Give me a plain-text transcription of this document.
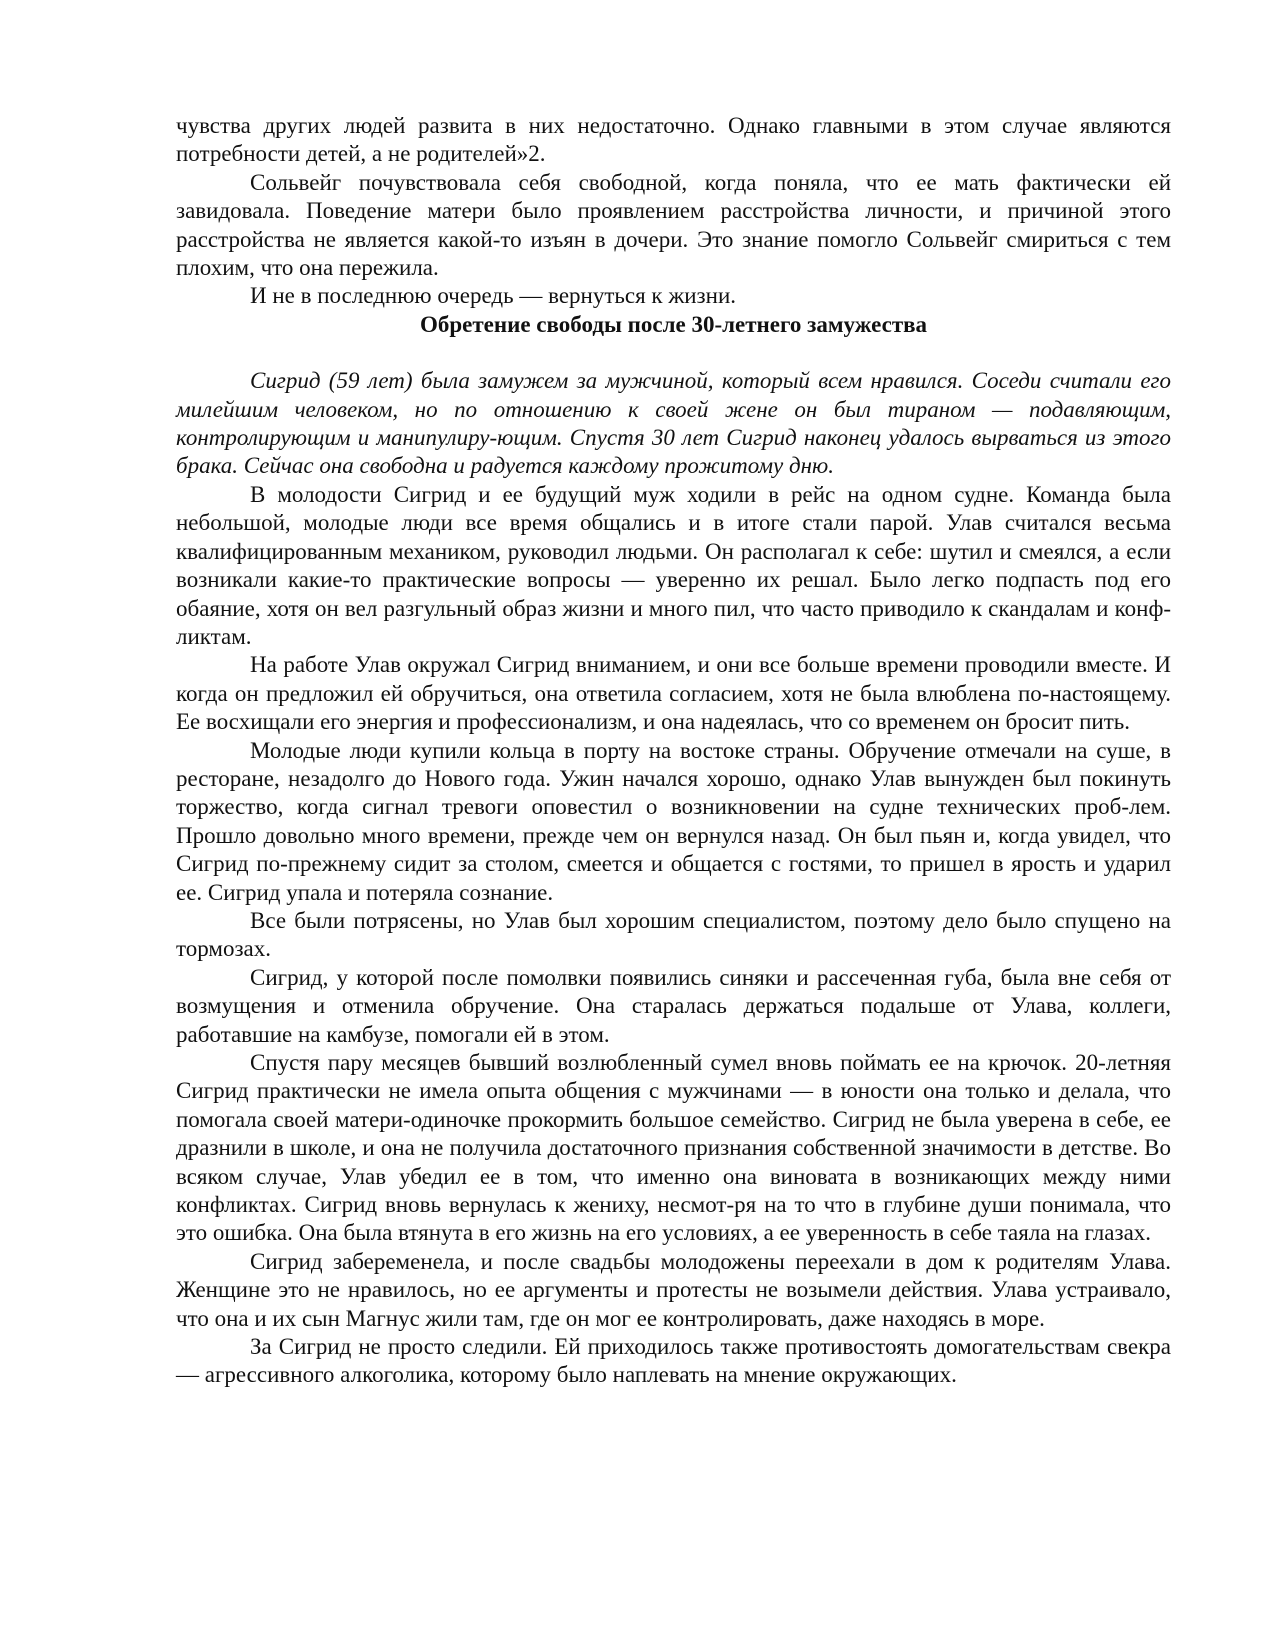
чувства других людей развита в них недостаточно. Однако главными в этом случае являются потребности детей, а не родителей»2.

Сольвейг почувствовала себя свободной, когда поняла, что ее мать фактически ей завидовала. Поведение матери было проявлением расстройства личности, и причиной этого расстройства не является какой-то изъян в дочери. Это знание помогло Сольвейг смириться с тем плохим, что она пережила.

И не в последнюю очередь — вернуться к жизни.

Обретение свободы после 30-летнего замужества

Сигрид (59 лет) была замужем за мужчиной, который всем нравился. Соседи считали его милейшим человеком, но по отношению к своей жене он был тираном — подавляющим, контролирующим и манипулиру-ющим. Спустя 30 лет Сигрид наконец удалось вырваться из этого брака. Сейчас она свободна и радуется каждому прожитому дню.

В молодости Сигрид и ее будущий муж ходили в рейс на одном судне. Команда была небольшой, молодые люди все время общались и в итоге стали парой. Улав считался весьма квалифицированным механиком, руководил людьми. Он располагал к себе: шутил и смеялся, а если возникали какие-то практические вопросы — уверенно их решал. Было легко подпасть под его обаяние, хотя он вел разгульный образ жизни и много пил, что часто приводило к скандалам и конф-ликтам.

На работе Улав окружал Сигрид вниманием, и они все больше времени проводили вместе. И когда он предложил ей обручиться, она ответила согласием, хотя не была влюблена по-настоящему. Ее восхищали его энергия и профессионализм, и она надеялась, что со временем он бросит пить.

Молодые люди купили кольца в порту на востоке страны. Обручение отмечали на суше, в ресторане, незадолго до Нового года. Ужин начался хорошо, однако Улав вынужден был покинуть торжество, когда сигнал тревоги оповестил о возникновении на судне технических проб-лем. Прошло довольно много времени, прежде чем он вернулся назад. Он был пьян и, когда увидел, что Сигрид по-прежнему сидит за столом, смеется и общается с гостями, то пришел в ярость и ударил ее. Сигрид упала и потеряла сознание.

Все были потрясены, но Улав был хорошим специалистом, поэтому дело было спущено на тормозах.

Сигрид, у которой после помолвки появились синяки и рассеченная губа, была вне себя от возмущения и отменила обручение. Она старалась держаться подальше от Улава, коллеги, работавшие на камбузе, помогали ей в этом.

Спустя пару месяцев бывший возлюбленный сумел вновь поймать ее на крючок. 20-летняя Сигрид практически не имела опыта общения с мужчинами — в юности она только и делала, что помогала своей матери-одиночке прокормить большое семейство. Сигрид не была уверена в себе, ее дразнили в школе, и она не получила достаточного признания собственной значимости в детстве. Во всяком случае, Улав убедил ее в том, что именно она виновата в возникающих между ними конфликтах. Сигрид вновь вернулась к жениху, несмот-ря на то что в глубине души понимала, что это ошибка. Она была втянута в его жизнь на его условиях, а ее уверенность в себе таяла на глазах.

Сигрид забеременела, и после свадьбы молодожены переехали в дом к родителям Улава. Женщине это не нравилось, но ее аргументы и протесты не возымели действия. Улава устраивало, что она и их сын Магнус жили там, где он мог ее контролировать, даже находясь в море.

За Сигрид не просто следили. Ей приходилось также противостоять домогательствам свекра — агрессивного алкоголика, которому было наплевать на мнение окружающих.
